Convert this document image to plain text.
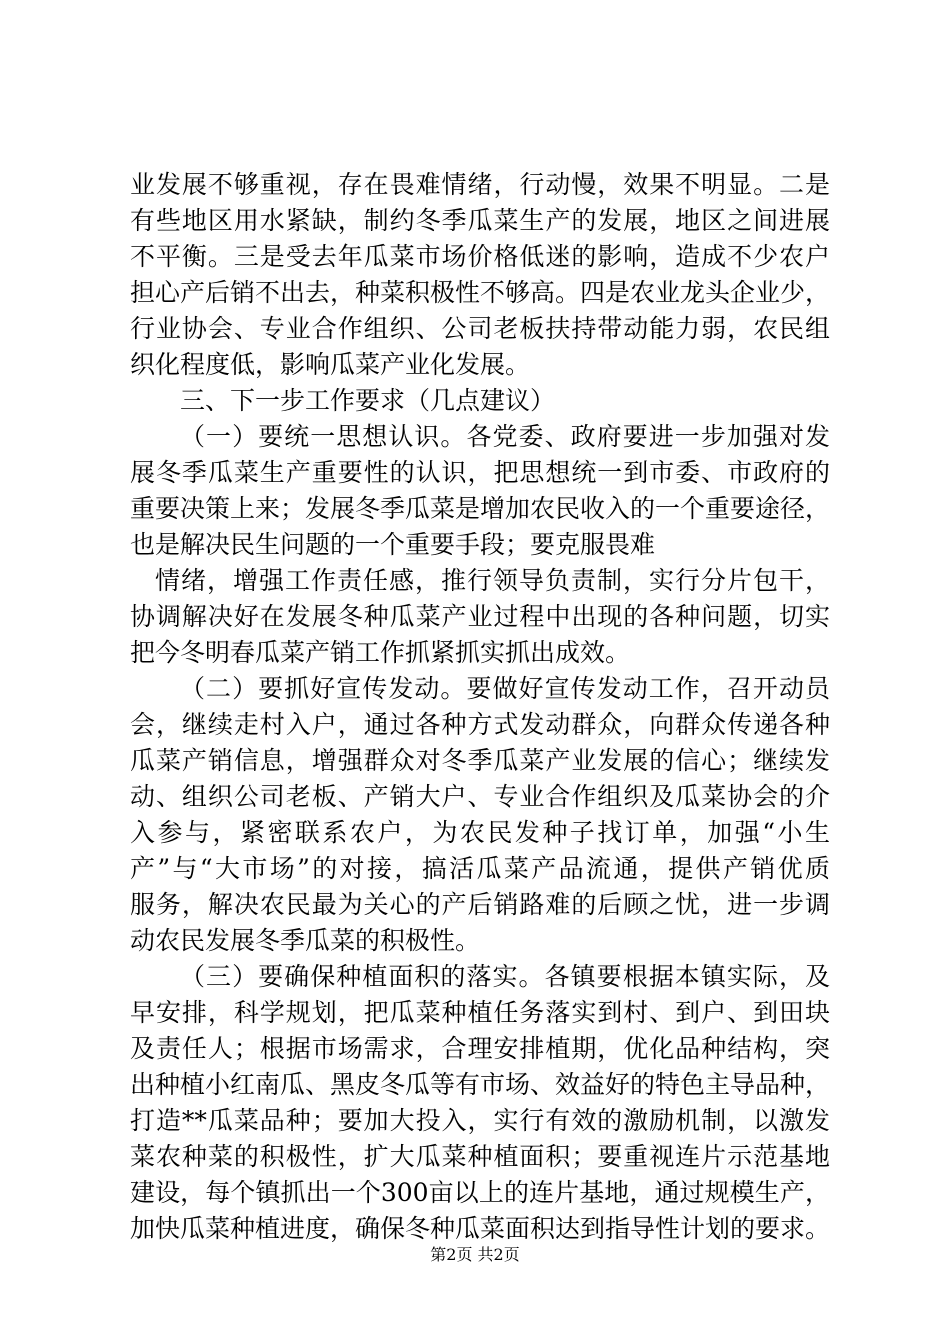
业发展不够重视，存在畏难情绪，行动慢，效果不明显。二是
有些地区用水紧缺，制约冬季瓜菜生产的发展，地区之间进展
不平衡。三是受去年瓜菜市场价格低迷的影响，造成不少农户
担心产后销不出去，种菜积极性不够高。四是农业龙头企业少，
行业协会、专业合作组织、公司老板扶持带动能力弱，农民组
织化程度低，影响瓜菜产业化发展。
三、下一步工作要求（几点建议）
（一）要统一思想认识。各党委、政府要进一步加强对发
展冬季瓜菜生产重要性的认识，把思想统一到市委、市政府的
重要决策上来；发展冬季瓜菜是增加农民收入的一个重要途径，
也是解决民生问题的一个重要手段；要克服畏难
情绪，增强工作责任感，推行领导负责制，实行分片包干，
协调解决好在发展冬种瓜菜产业过程中出现的各种问题，切实
把今冬明春瓜菜产销工作抓紧抓实抓出成效。
（二）要抓好宣传发动。要做好宣传发动工作，召开动员
会，继续走村入户，通过各种方式发动群众，向群众传递各种
瓜菜产销信息，增强群众对冬季瓜菜产业发展的信心；继续发
动、组织公司老板、产销大户、专业合作组织及瓜菜协会的介
入参与，紧密联系农户，为农民发种子找订单，加强“小生
产”与“大市场”的对接，搞活瓜菜产品流通，提供产销优质
服务，解决农民最为关心的产后销路难的后顾之忧，进一步调
动农民发展冬季瓜菜的积极性。
（三）要确保种植面积的落实。各镇要根据本镇实际，及
早安排，科学规划，把瓜菜种植任务落实到村、到户、到田块
及责任人；根据市场需求，合理安排植期，优化品种结构，突
出种植小红南瓜、黑皮冬瓜等有市场、效益好的特色主导品种，
打造**瓜菜品种；要加大投入，实行有效的激励机制，以激发
菜农种菜的积极性，扩大瓜菜种植面积；要重视连片示范基地
建设，每个镇抓出一个300亩以上的连片基地，通过规模生产，
加快瓜菜种植进度，确保冬种瓜菜面积达到指导性计划的要求。
第2页 共2页
